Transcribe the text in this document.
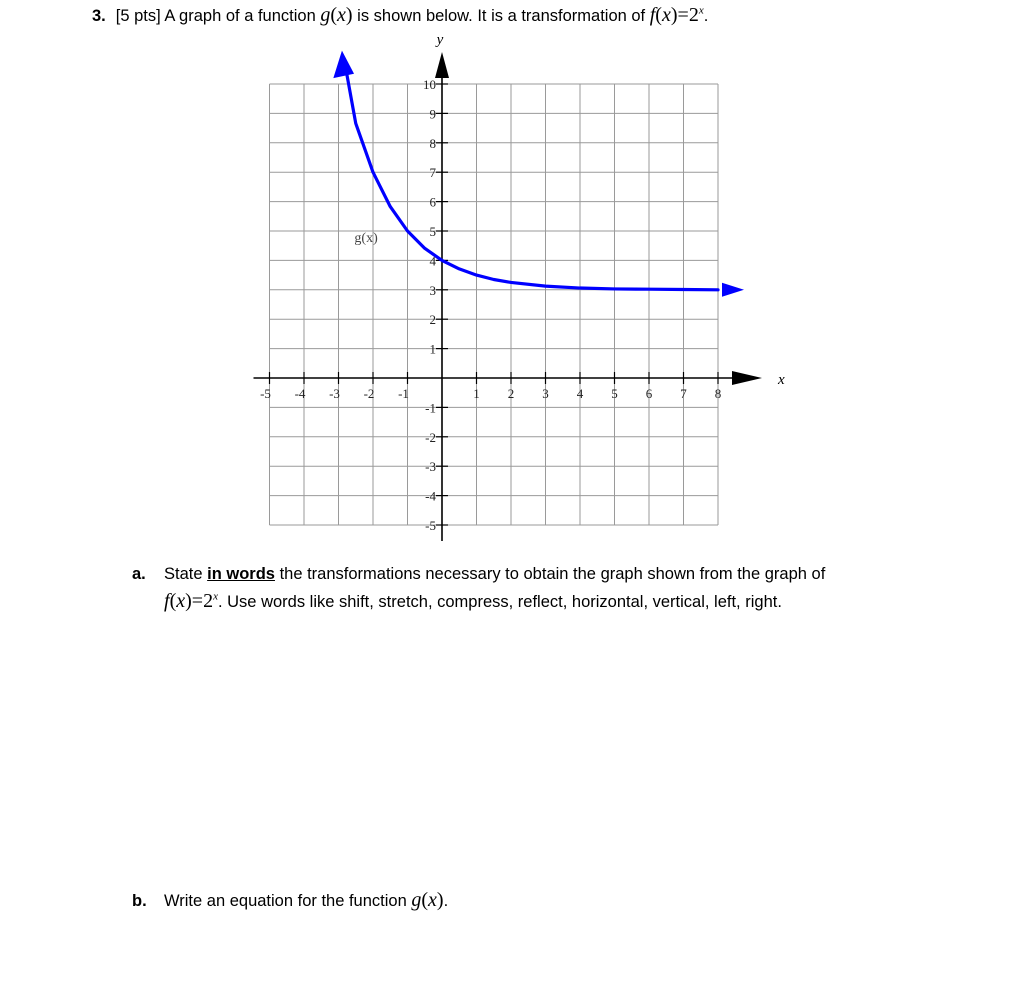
3. [5 pts] A graph of a function g(x) is shown below. It is a transformation of $f(x)=2^x$.
x
y
-5 -4 -3 -2 -1	1 2 3 4 5 6 7 8
-5
-4
-3
-2
-1
1
2
3
4
5
6
7
8
9
10
g(x)
a. State in words the transformations necessary to obtain the graph shown from the graph of
$f(x)=2^x$. Use words like shift, stretch, compress, reflect, horizontal, vertical, left, right.
b. Write an equation for the function g(x).
